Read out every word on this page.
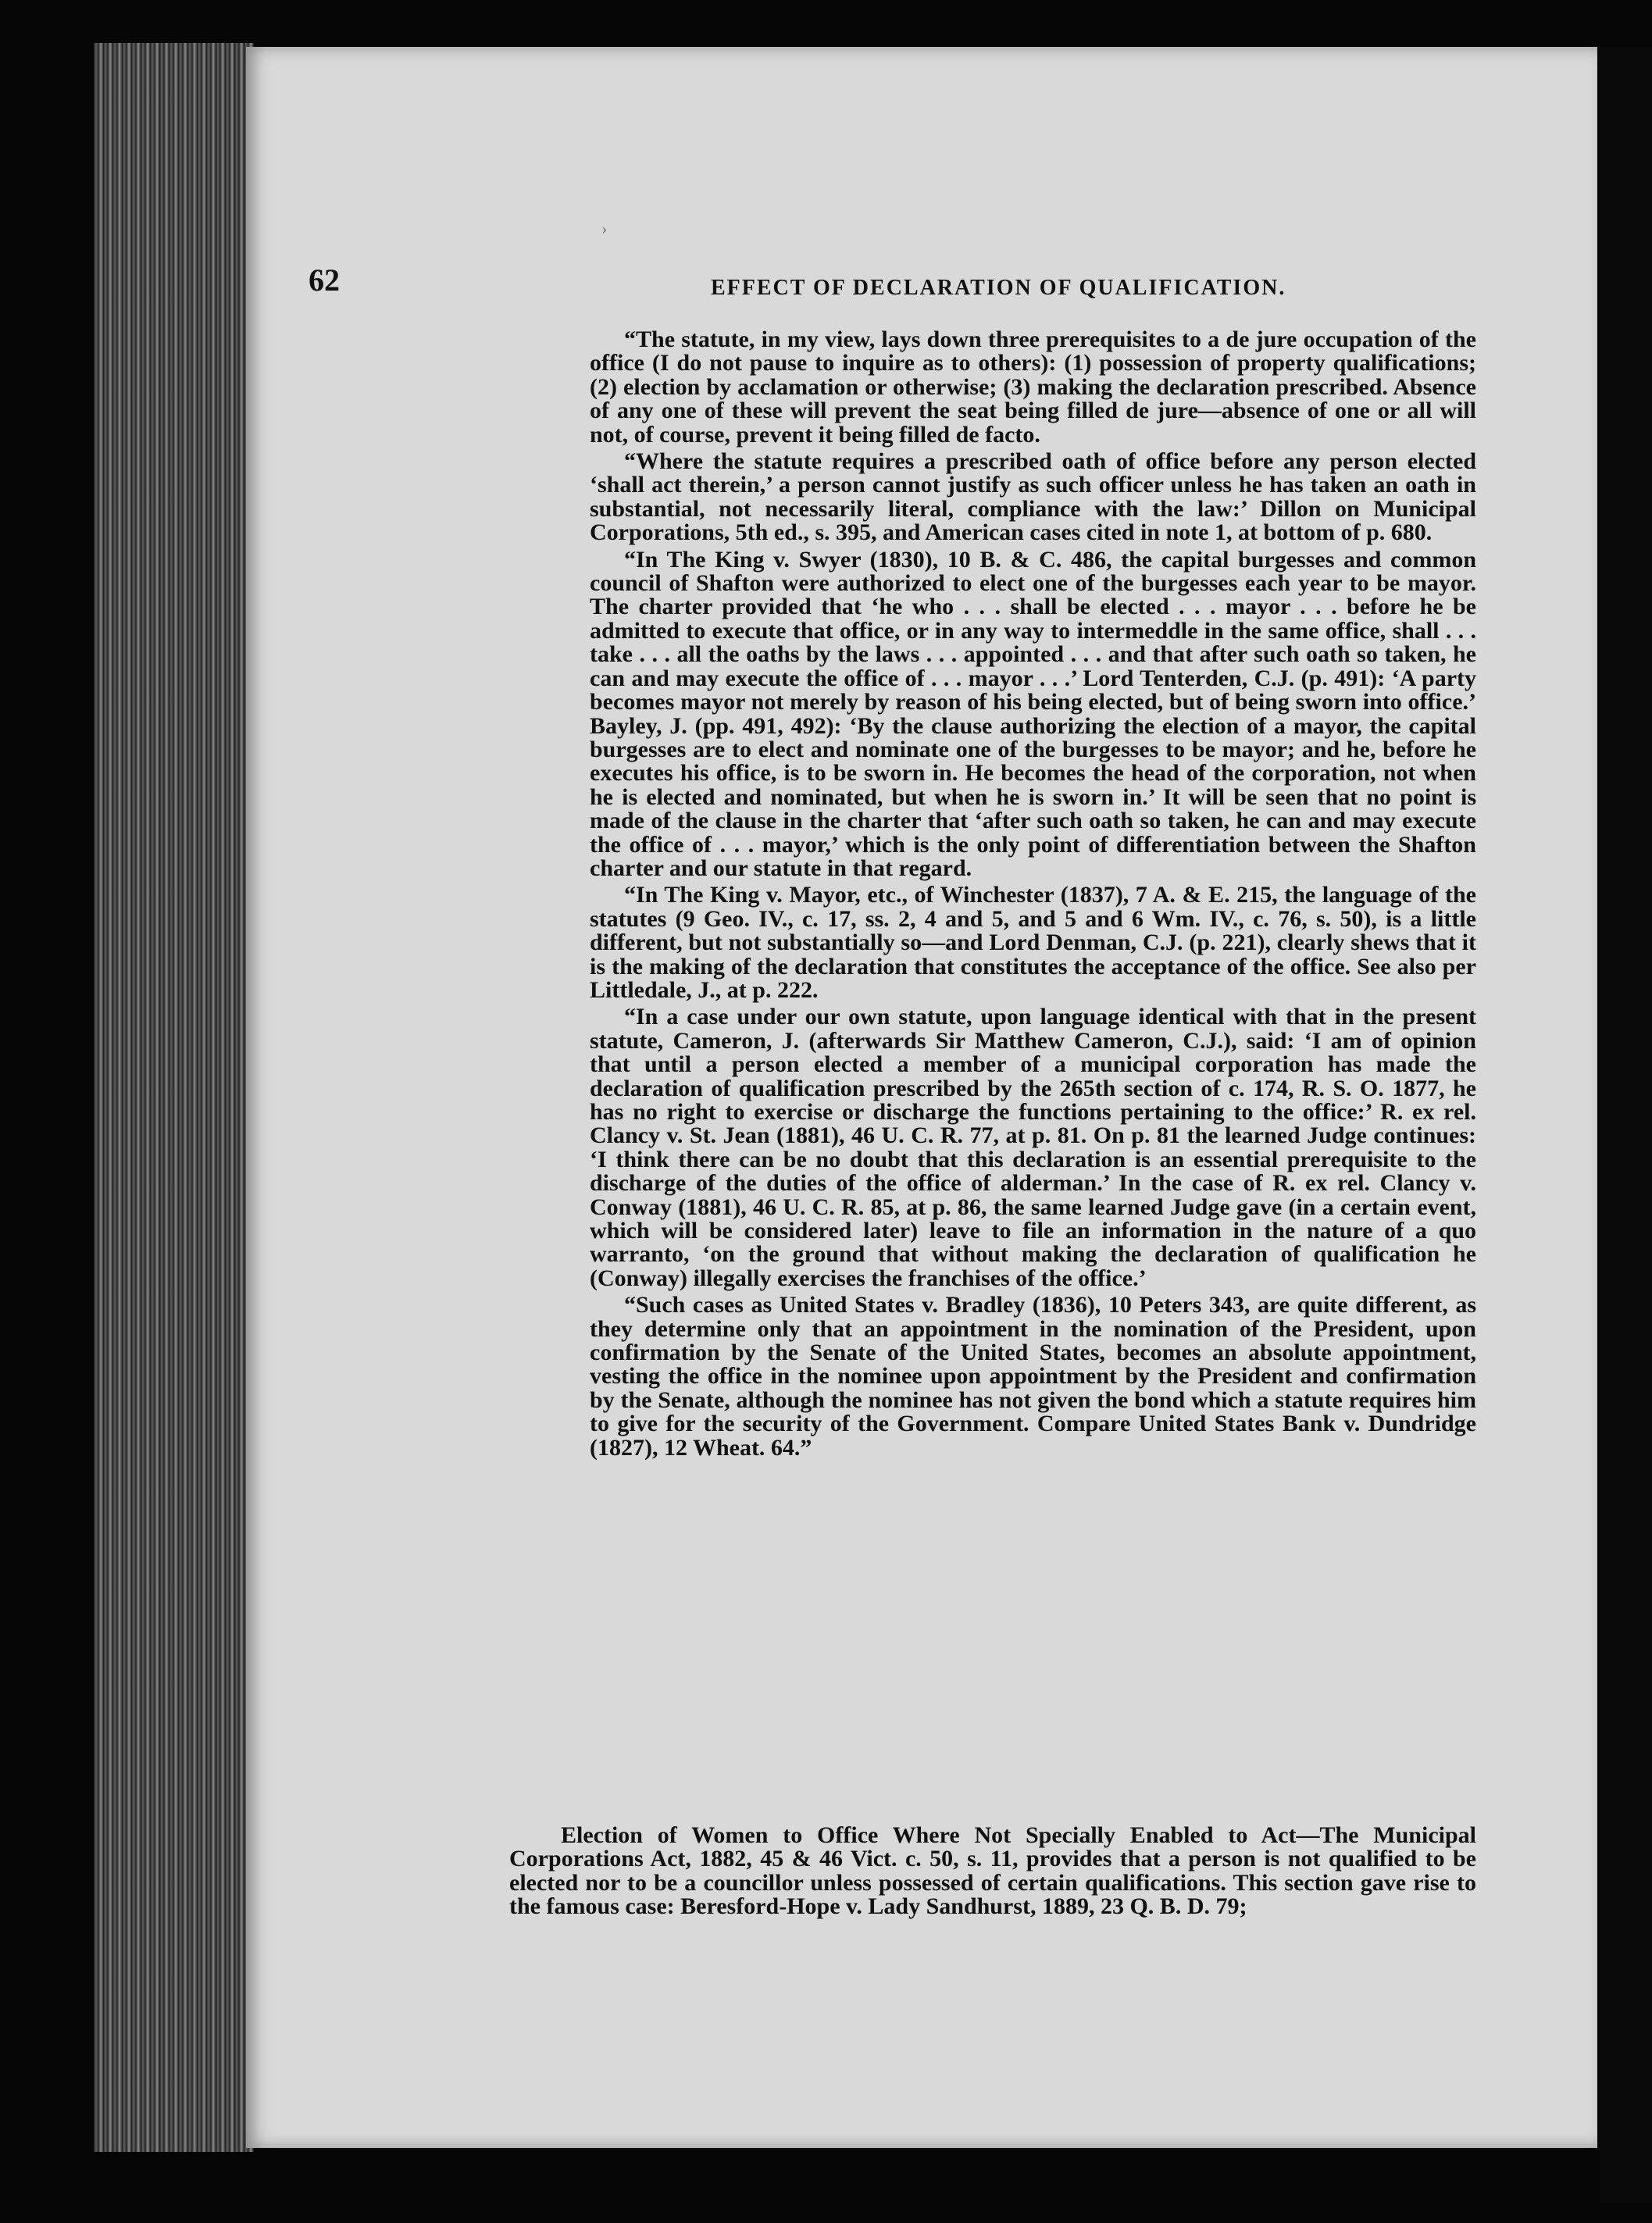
›
62	EFFECT OF DECLARATION OF QUALIFICATION.

“The statute, in my view, lays down three prerequisites to a de jure occupation of the office (I do not pause to inquire as to others): (1) possession of property qualifications; (2) election by acclamation or otherwise; (3) making the declaration prescribed. Absence of any one of these will prevent the seat being filled de jure—absence of one or all will not, of course, prevent it being filled de facto.

“Where the statute requires a prescribed oath of office before any person elected ‘shall act therein,’ a person cannot justify as such officer unless he has taken an oath in substantial, not necessarily literal, compliance with the law:’ Dillon on Municipal Corporations, 5th ed., s. 395, and American cases cited in note 1, at bottom of p. 680.

“In The King v. Swyer (1830), 10 B. & C. 486, the capital burgesses and common council of Shafton were authorized to elect one of the burgesses each year to be mayor. The charter provided that ‘he who . . . shall be elected . . . mayor . . . before he be admitted to execute that office, or in any way to intermeddle in the same office, shall . . . take . . . all the oaths by the laws . . . appointed . . . and that after such oath so taken, he can and may execute the office of . . . mayor . . .’ Lord Tenterden, C.J. (p. 491): ‘A party becomes mayor not merely by reason of his being elected, but of being sworn into office.’ Bayley, J. (pp. 491, 492): ‘By the clause authorizing the election of a mayor, the capital burgesses are to elect and nominate one of the burgesses to be mayor; and he, before he executes his office, is to be sworn in. He becomes the head of the corporation, not when he is elected and nominated, but when he is sworn in.’ It will be seen that no point is made of the clause in the charter that ‘after such oath so taken, he can and may execute the office of . . . mayor,’ which is the only point of differentiation between the Shafton charter and our statute in that regard.

“In The King v. Mayor, etc., of Winchester (1837), 7 A. & E. 215, the language of the statutes (9 Geo. IV., c. 17, ss. 2, 4 and 5, and 5 and 6 Wm. IV., c. 76, s. 50), is a little different, but not substantially so—and Lord Denman, C.J. (p. 221), clearly shews that it is the making of the declaration that constitutes the acceptance of the office. See also per Littledale, J., at p. 222.

“In a case under our own statute, upon language identical with that in the present statute, Cameron, J. (afterwards Sir Matthew Cameron, C.J.), said: ‘I am of opinion that until a person elected a member of a municipal corporation has made the declaration of qualification prescribed by the 265th section of c. 174, R. S. O. 1877, he has no right to exercise or discharge the functions pertaining to the office:’ R. ex rel. Clancy v. St. Jean (1881), 46 U. C. R. 77, at p. 81. On p. 81 the learned Judge continues: ‘I think there can be no doubt that this declaration is an essential prerequisite to the discharge of the duties of the office of alderman.’ In the case of R. ex rel. Clancy v. Conway (1881), 46 U. C. R. 85, at p. 86, the same learned Judge gave (in a certain event, which will be considered later) leave to file an information in the nature of a quo warranto, ‘on the ground that without making the declaration of qualification he (Conway) illegally exercises the franchises of the office.’

“Such cases as United States v. Bradley (1836), 10 Peters 343, are quite different, as they determine only that an appointment in the nomination of the President, upon confirmation by the Senate of the United States, becomes an absolute appointment, vesting the office in the nominee upon appointment by the President and confirmation by the Senate, although the nominee has not given the bond which a statute requires him to give for the security of the Government. Compare United States Bank v. Dundridge (1827), 12 Wheat. 64.”

Election of Women to Office Where Not Specially Enabled to Act—The Municipal Corporations Act, 1882, 45 & 46 Vict. c. 50, s. 11, provides that a person is not qualified to be elected nor to be a councillor unless possessed of certain qualifications. This section gave rise to the famous case: Beresford-Hope v. Lady Sandhurst, 1889, 23 Q. B. D. 79;
